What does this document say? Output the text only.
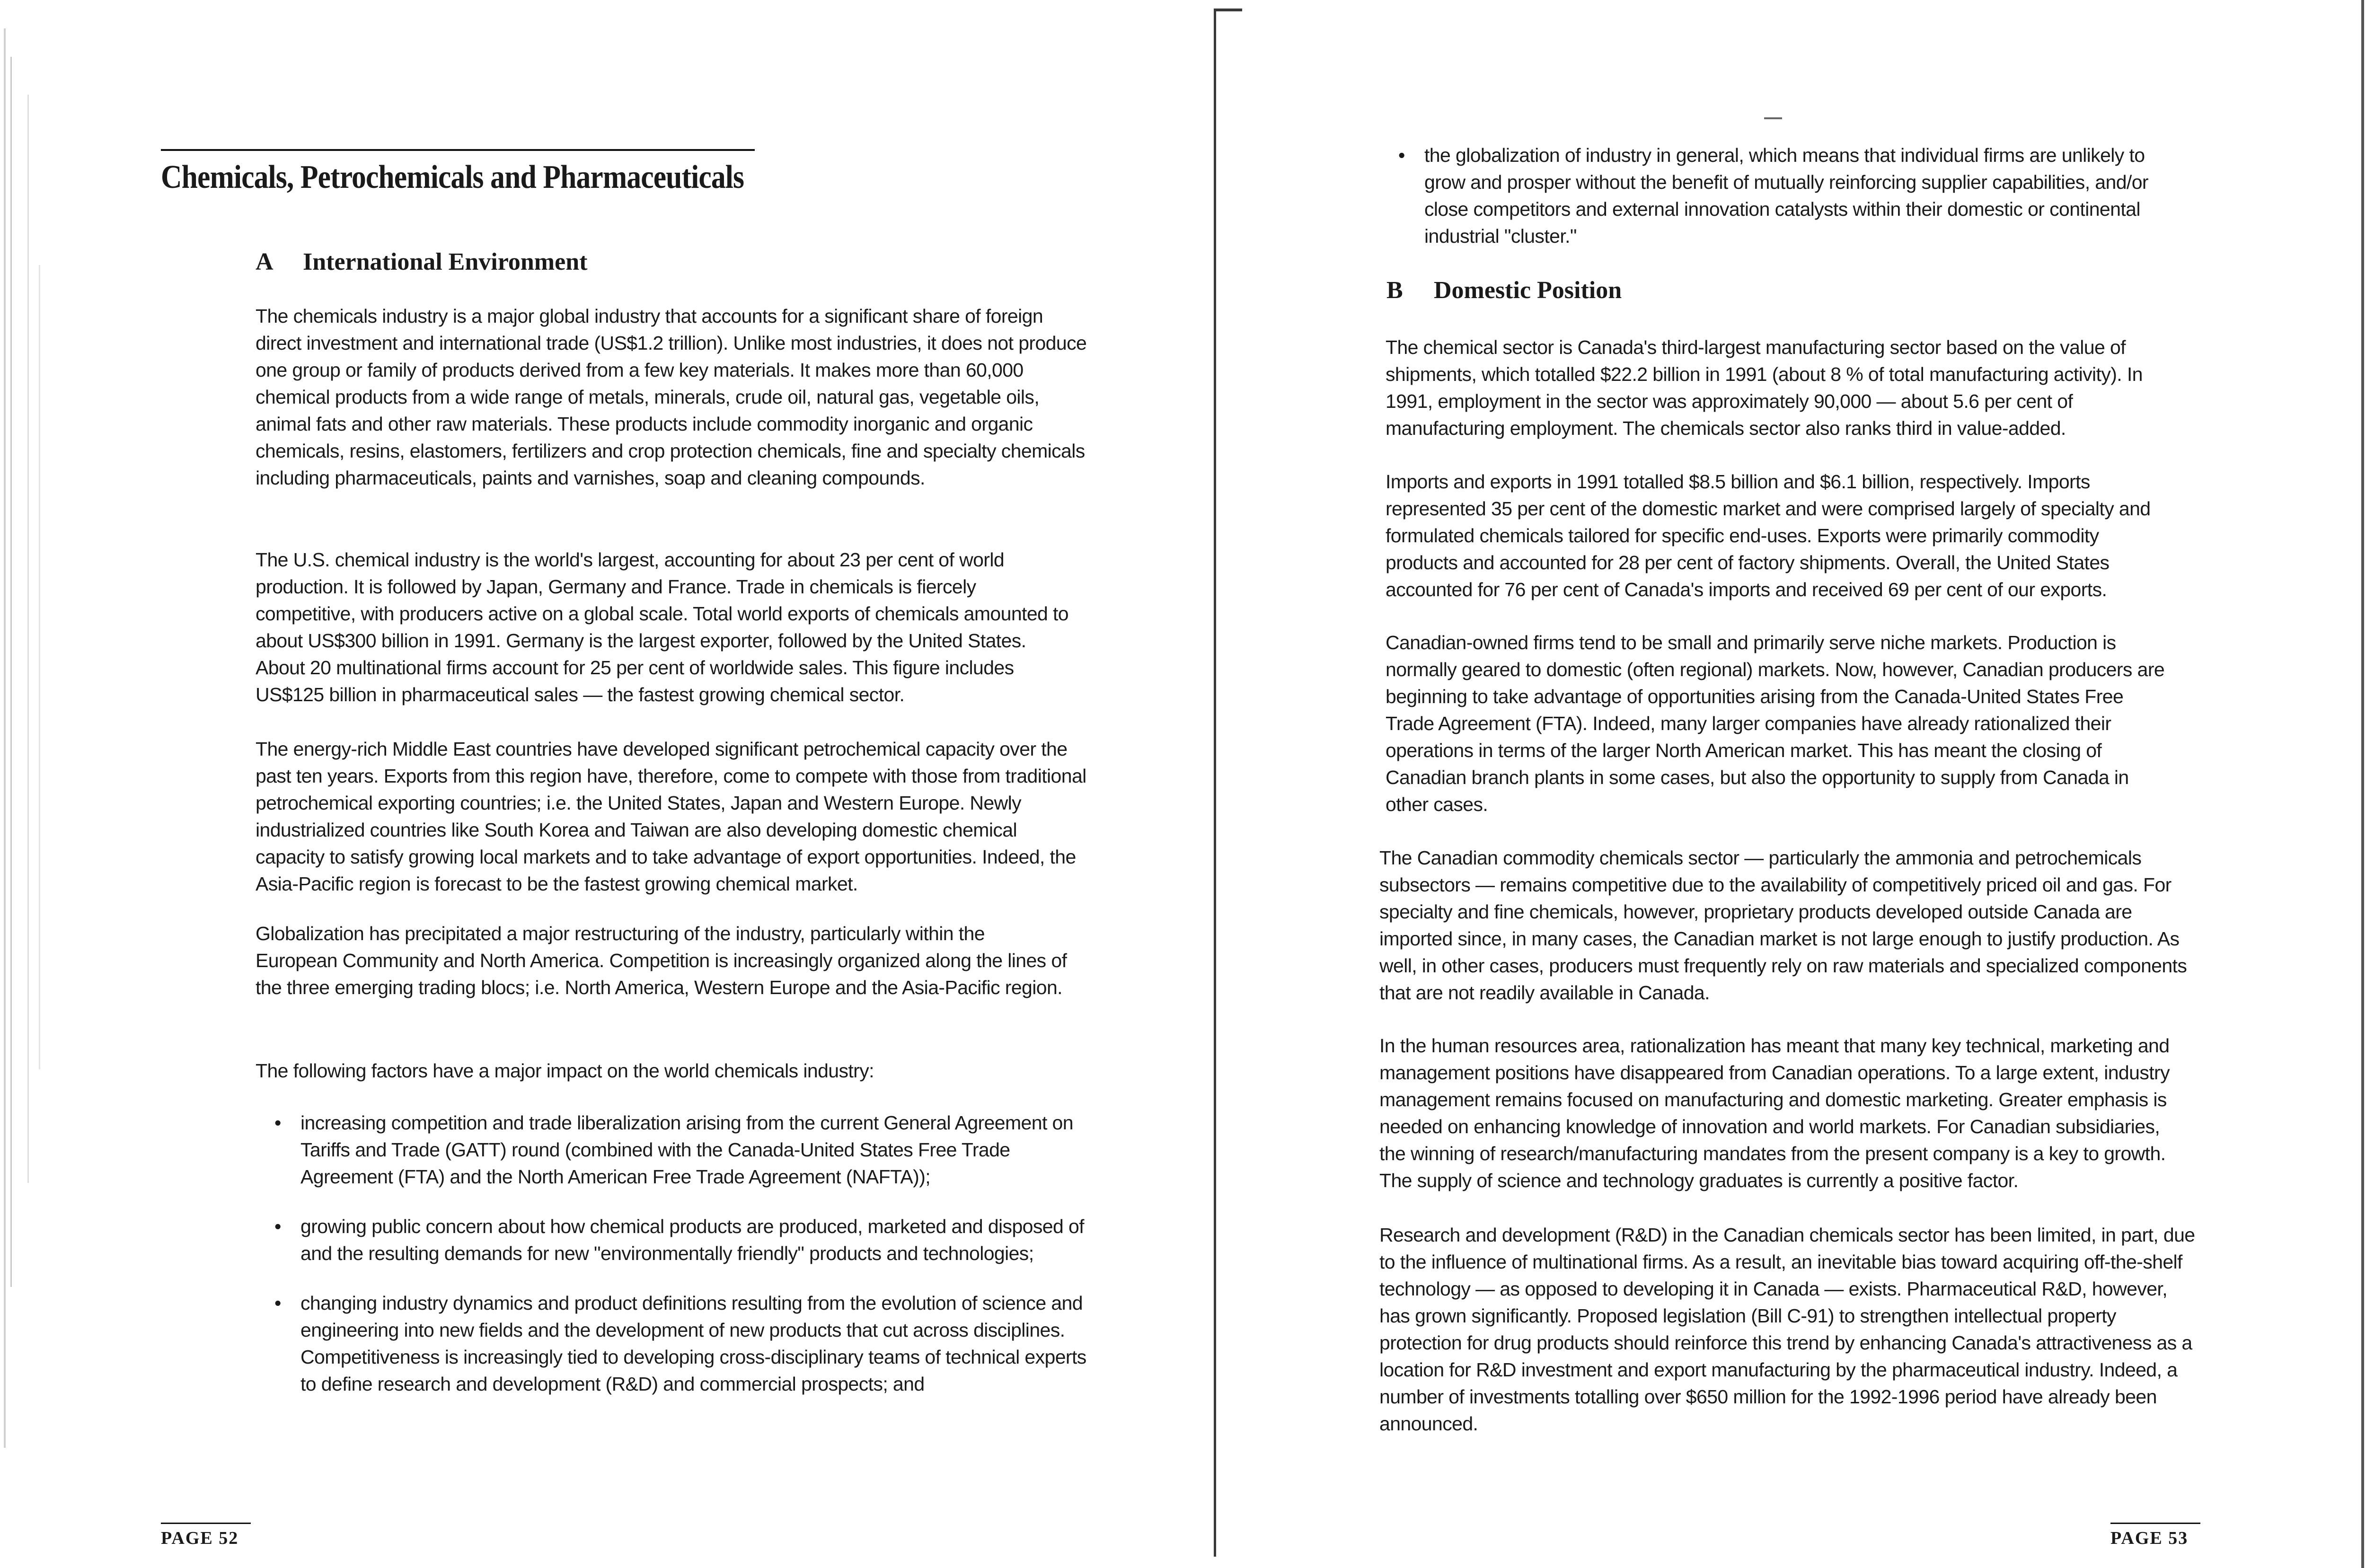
Chemicals, Petrochemicals and Pharmaceuticals
A International Environment

The chemicals industry is a major global industry that accounts for a significant share of foreign direct investment and international trade (US$1.2 trillion). Unlike most industries, it does not produce one group or family of products derived from a few key materials. It makes more than 60,000 chemical products from a wide range of metals, minerals, crude oil, natural gas, vegetable oils, animal fats and other raw materials. These products include commodity inorganic and organic chemicals, resins, elastomers, fertilizers and crop protection chemicals, fine and specialty chemicals including pharmaceuticals, paints and varnishes, soap and cleaning compounds.

The U.S. chemical industry is the world's largest, accounting for about 23 per cent of world production. It is followed by Japan, Germany and France. Trade in chemicals is fiercely competitive, with producers active on a global scale. Total world exports of chemicals amounted to about US$300 billion in 1991. Germany is the largest exporter, followed by the United States. About 20 multinational firms account for 25 per cent of worldwide sales. This figure includes US$125 billion in pharmaceutical sales — the fastest growing chemical sector.

The energy-rich Middle East countries have developed significant petrochemical capacity over the past ten years. Exports from this region have, therefore, come to compete with those from traditional petrochemical exporting countries; i.e. the United States, Japan and Western Europe. Newly industrialized countries like South Korea and Taiwan are also developing domestic chemical capacity to satisfy growing local markets and to take advantage of export opportunities. Indeed, the Asia-Pacific region is forecast to be the fastest growing chemical market.

Globalization has precipitated a major restructuring of the industry, particularly within the European Community and North America. Competition is increasingly organized along the lines of the three emerging trading blocs; i.e. North America, Western Europe and the Asia-Pacific region.

The following factors have a major impact on the world chemicals industry:

• increasing competition and trade liberalization arising from the current General Agreement on Tariffs and Trade (GATT) round (combined with the Canada-United States Free Trade Agreement (FTA) and the North American Free Trade Agreement (NAFTA));
• growing public concern about how chemical products are produced, marketed and disposed of and the resulting demands for new "environmentally friendly" products and technologies;
• changing industry dynamics and product definitions resulting from the evolution of science and engineering into new fields and the development of new products that cut across disciplines. Competitiveness is increasingly tied to developing cross-disciplinary teams of technical experts to define research and development (R&D) and commercial prospects; and

PAGE 52

• the globalization of industry in general, which means that individual firms are unlikely to grow and prosper without the benefit of mutually reinforcing supplier capabilities, and/or close competitors and external innovation catalysts within their domestic or continental industrial "cluster."
B Domestic Position

The chemical sector is Canada's third-largest manufacturing sector based on the value of shipments, which totalled $22.2 billion in 1991 (about 8 % of total manufacturing activity). In 1991, employment in the sector was approximately 90,000 — about 5.6 per cent of manufacturing employment. The chemicals sector also ranks third in value-added.

Imports and exports in 1991 totalled $8.5 billion and $6.1 billion, respectively. Imports represented 35 per cent of the domestic market and were comprised largely of specialty and formulated chemicals tailored for specific end-uses. Exports were primarily commodity products and accounted for 28 per cent of factory shipments. Overall, the United States accounted for 76 per cent of Canada's imports and received 69 per cent of our exports.

Canadian-owned firms tend to be small and primarily serve niche markets. Production is normally geared to domestic (often regional) markets. Now, however, Canadian producers are beginning to take advantage of opportunities arising from the Canada-United States Free Trade Agreement (FTA). Indeed, many larger companies have already rationalized their operations in terms of the larger North American market. This has meant the closing of Canadian branch plants in some cases, but also the opportunity to supply from Canada in other cases.

The Canadian commodity chemicals sector — particularly the ammonia and petrochemicals subsectors — remains competitive due to the availability of competitively priced oil and gas. For specialty and fine chemicals, however, proprietary products developed outside Canada are imported since, in many cases, the Canadian market is not large enough to justify production. As well, in other cases, producers must frequently rely on raw materials and specialized components that are not readily available in Canada.

In the human resources area, rationalization has meant that many key technical, marketing and management positions have disappeared from Canadian operations. To a large extent, industry management remains focused on manufacturing and domestic marketing. Greater emphasis is needed on enhancing knowledge of innovation and world markets. For Canadian subsidiaries, the winning of research/manufacturing mandates from the present company is a key to growth. The supply of science and technology graduates is currently a positive factor.

Research and development (R&D) in the Canadian chemicals sector has been limited, in part, due to the influence of multinational firms. As a result, an inevitable bias toward acquiring off-the-shelf technology — as opposed to developing it in Canada — exists. Pharmaceutical R&D, however, has grown significantly. Proposed legislation (Bill C-91) to strengthen intellectual property protection for drug products should reinforce this trend by enhancing Canada's attractiveness as a location for R&D investment and export manufacturing by the pharmaceutical industry. Indeed, a number of investments totalling over $650 million for the 1992-1996 period have already been announced.

PAGE 53
